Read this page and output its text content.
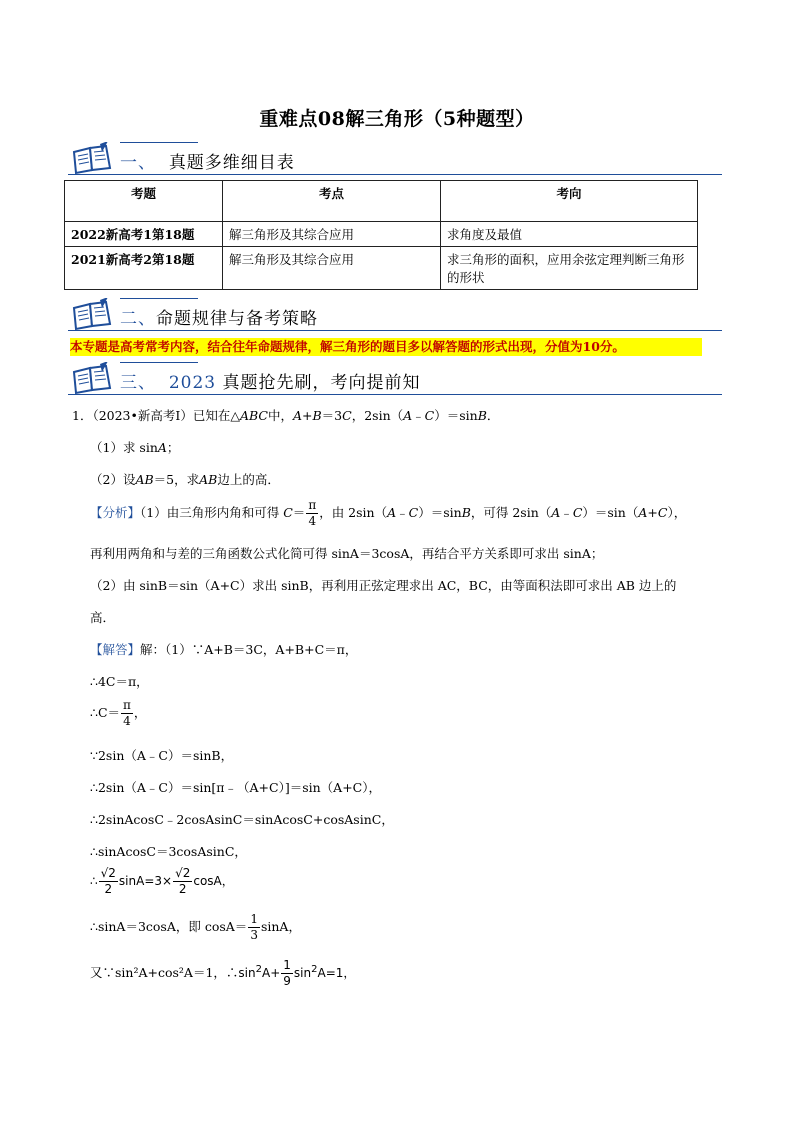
重难点08解三角形（5种题型）
一、 真题多维细目表
考题	考点	考向
2022新高考1第18题	解三角形及其综合应用	求角度及最值
2021新高考2第18题	解三角形及其综合应用	求三角形的面积，应用余弦定理判断三角形的形状
二、命题规律与备考策略
本专题是高考常考内容，结合往年命题规律，解三角形的题目多以解答题的形式出现，分值为10分。
三、 2023 真题抢先刷，考向提前知
1．（2023•新高考Ⅰ）已知在△ABC中，A+B＝3C，2sin（A﹣C）＝sinB．
（1）求 sinA；
（2）设AB＝5，求AB边上的高．
【分析】（1）由三角形内角和可得 $C= \frac{\pi}{4}$ ，由 2sin（A﹣C）＝sinB，可得 2sin（A﹣C）＝sin（A+C），
再利用两角和与差的三角函数公式化简可得 sinA＝3cosA，再结合平方关系即可求出 sinA；
（2）由 sinB＝sin（A+C）求出 sinB，再利用正弦定理求出 AC，BC，由等面积法即可求出 AB 边上的
高．
【解答】解：（1）∵A+B＝3C，A+B+C＝π，
∴4C＝π，
∴C＝ $\frac{\pi}{4}$ ，
∵2sin（A﹣C）＝sinB，
∴2sin（A﹣C）＝sin[π﹣（A+C）]＝sin（A+C），
∴2sinAcosC﹣2cosAsinC＝sinAcosC+cosAsinC，
∴sinAcosC＝3cosAsinC，
∴ $\frac{√2}{2} \sin A=3\times \frac{√2}{2}$ cosA，
∴sinA＝3cosA，即 $\cos A= \frac{1}{3}$ sinA，
又∵sin²A+cos²A＝1，$\therefore\sin^2A+ \frac{1}{9} \sin^2A=1$，
